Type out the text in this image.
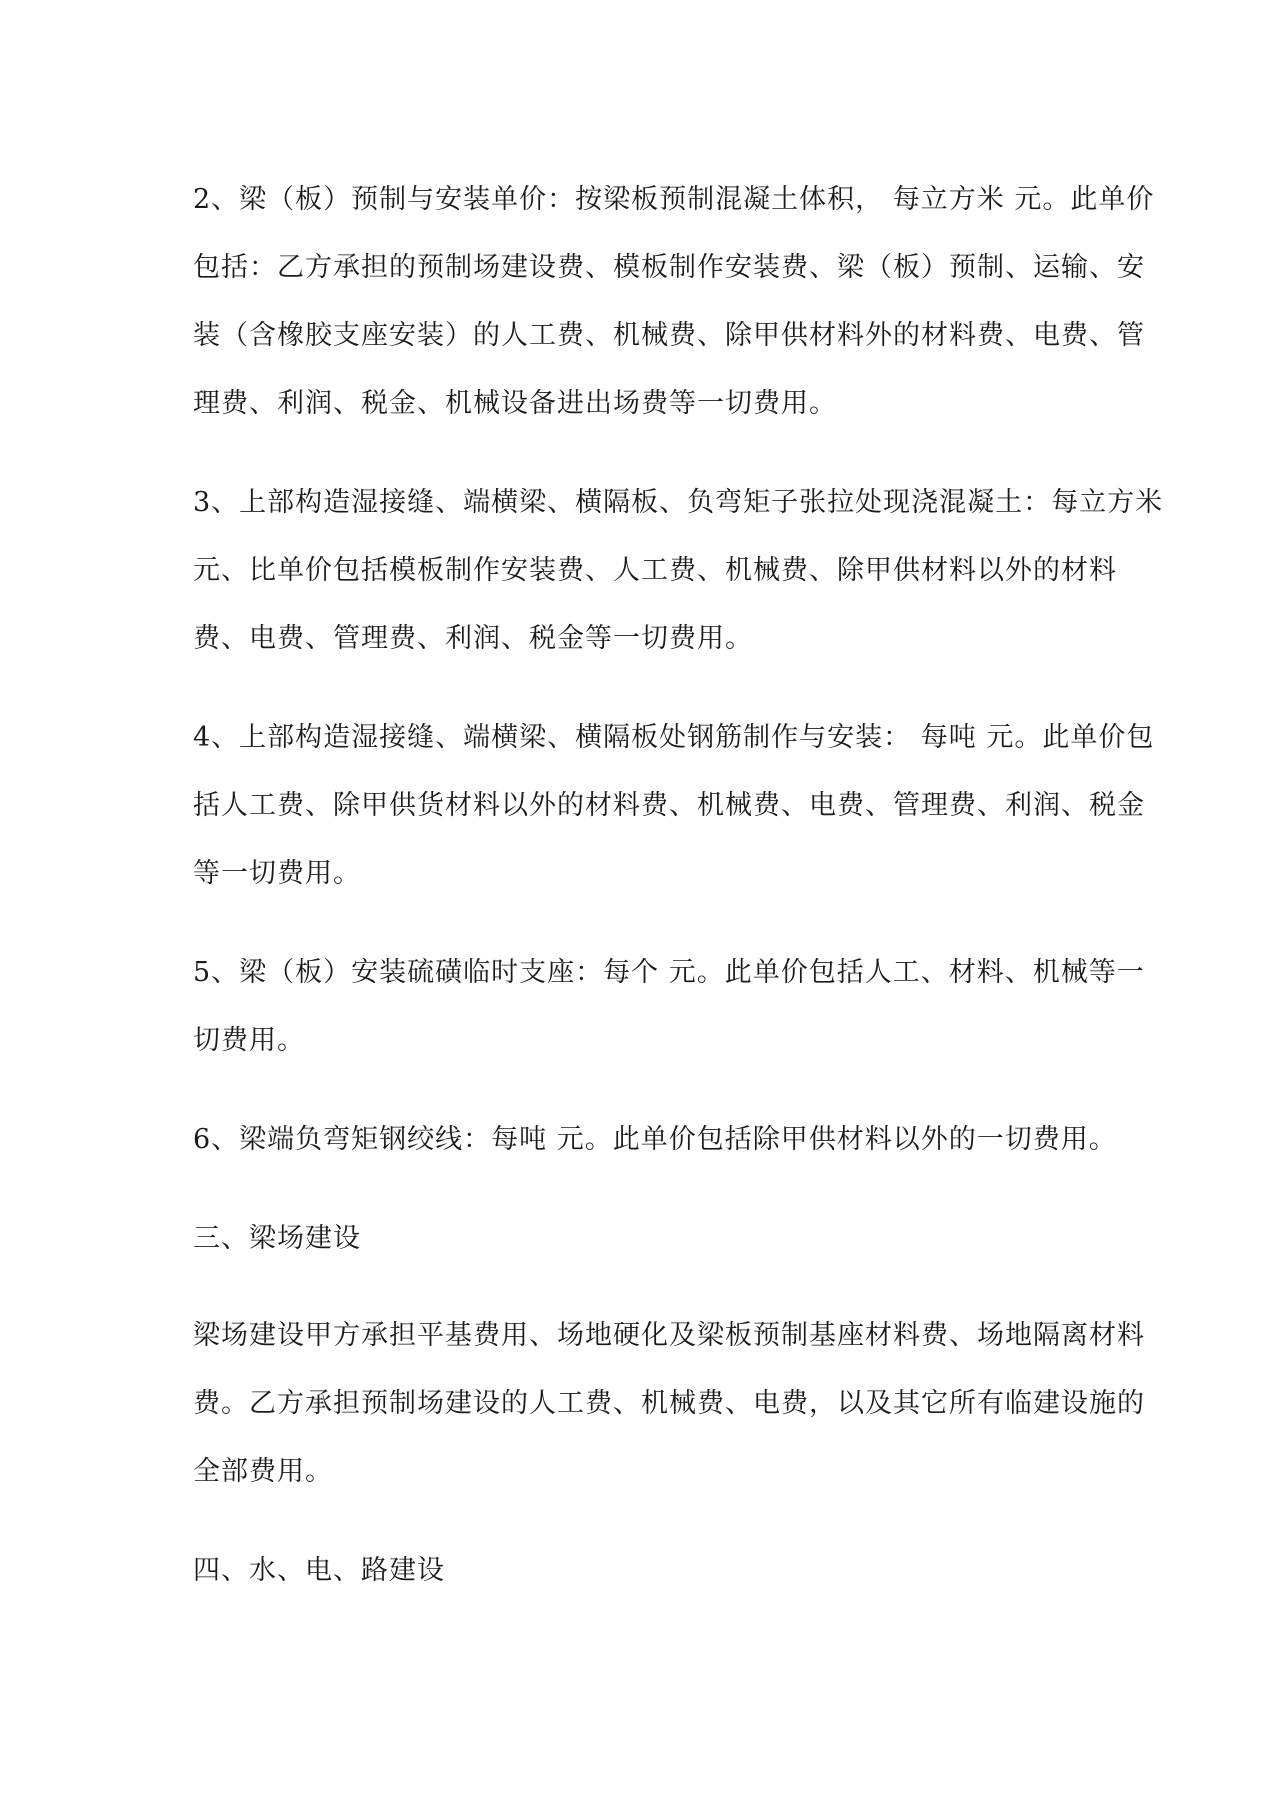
2、梁（板）预制与安装单价：按梁板预制混凝土体积， 每立方米 元。此单价
包括：乙方承担的预制场建设费、模板制作安装费、梁（板）预制、运输、安
装（含橡胶支座安装）的人工费、机械费、除甲供材料外的材料费、电费、管
理费、利润、税金、机械设备进出场费等一切费用。
3、上部构造湿接缝、端横梁、横隔板、负弯矩子张拉处现浇混凝土：每立方米
元、比单价包括模板制作安装费、人工费、机械费、除甲供材料以外的材料
费、电费、管理费、利润、税金等一切费用。
4、上部构造湿接缝、端横梁、横隔板处钢筋制作与安装： 每吨 元。此单价包
括人工费、除甲供货材料以外的材料费、机械费、电费、管理费、利润、税金
等一切费用。
5、梁（板）安装硫磺临时支座：每个 元。此单价包括人工、材料、机械等一
切费用。
6、梁端负弯矩钢绞线：每吨 元。此单价包括除甲供材料以外的一切费用。
三、梁场建设
梁场建设甲方承担平基费用、场地硬化及梁板预制基座材料费、场地隔离材料
费。乙方承担预制场建设的人工费、机械费、电费，以及其它所有临建设施的
全部费用。
四、水、电、路建设
